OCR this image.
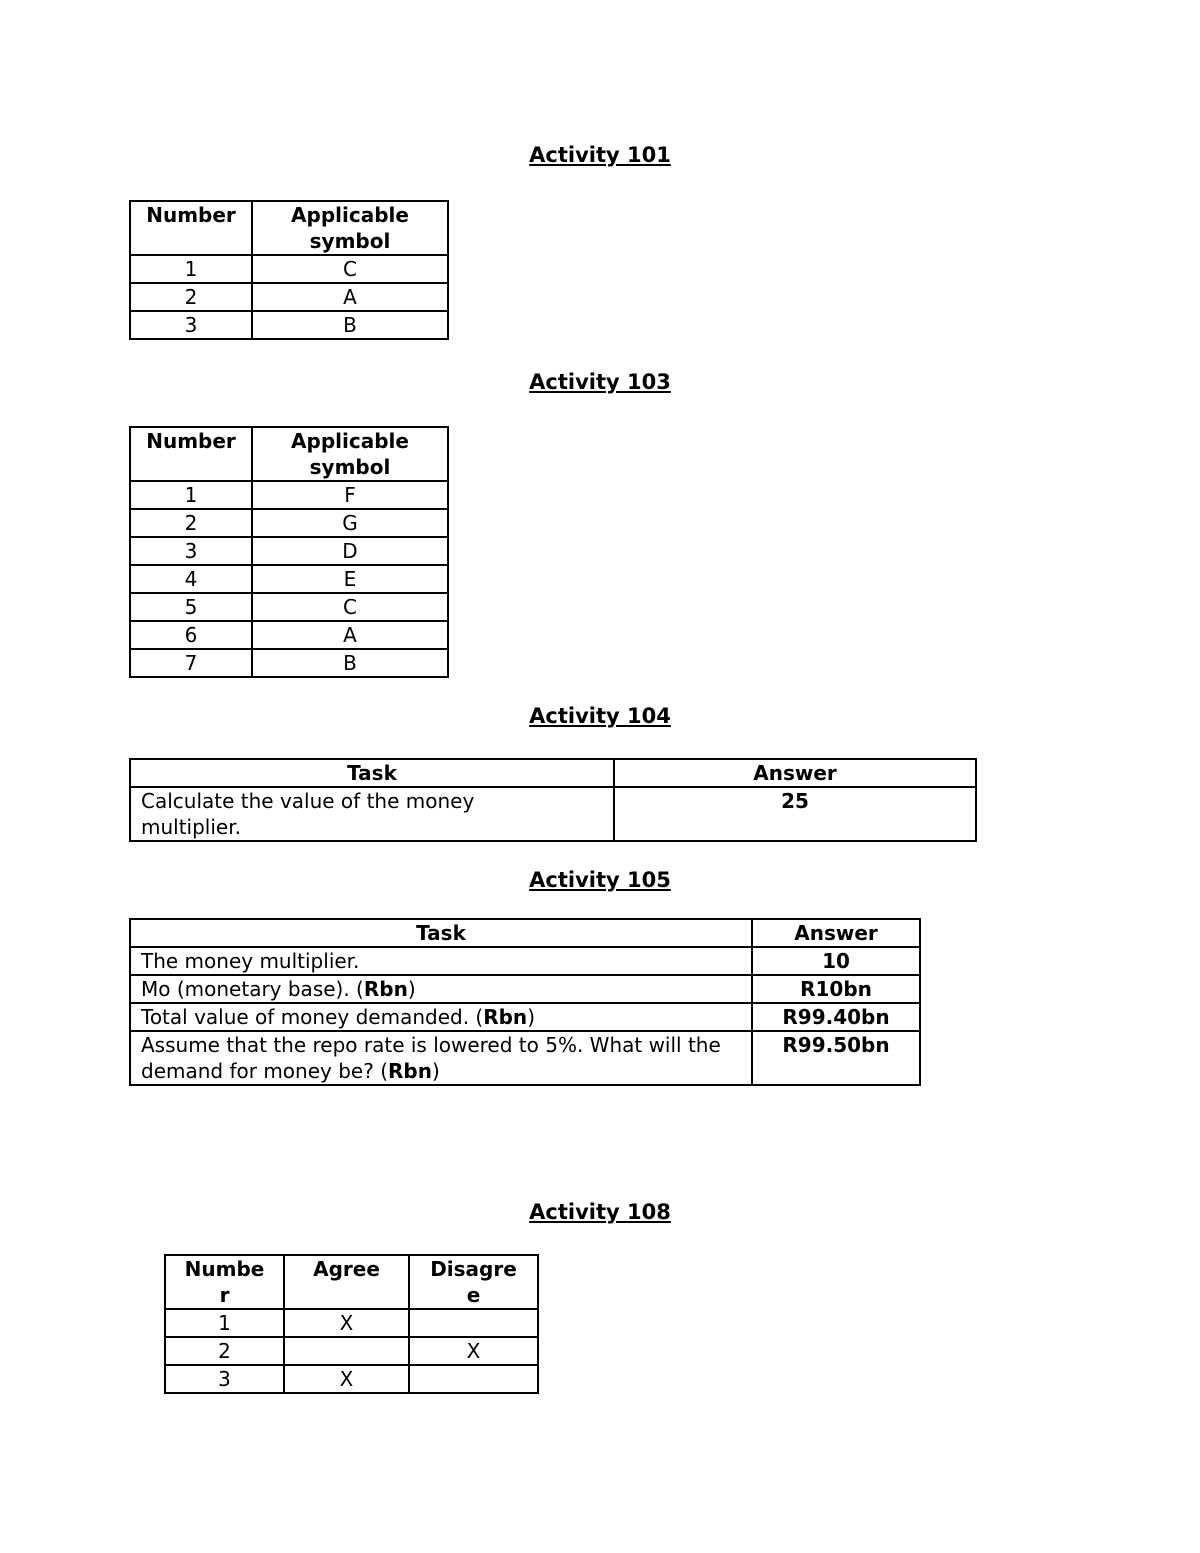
Activity 101
Number	Applicable symbol
1	C
2	A
3	B
Activity 103
Number	Applicable symbol
1	F
2	G
3	D
4	E
5	C
6	A
7	B
Activity 104
Task	Answer
Calculate the value of the money multiplier.	25
Activity 105
Task	Answer
The money multiplier.	10
Mo (monetary base). (Rbn)	R10bn
Total value of money demanded. (Rbn)	R99.40bn
Assume that the repo rate is lowered to 5%. What will the demand for money be? (Rbn)	R99.50bn
Activity 108
Number	Agree	Disagree
1	X	
2		X
3	X	
